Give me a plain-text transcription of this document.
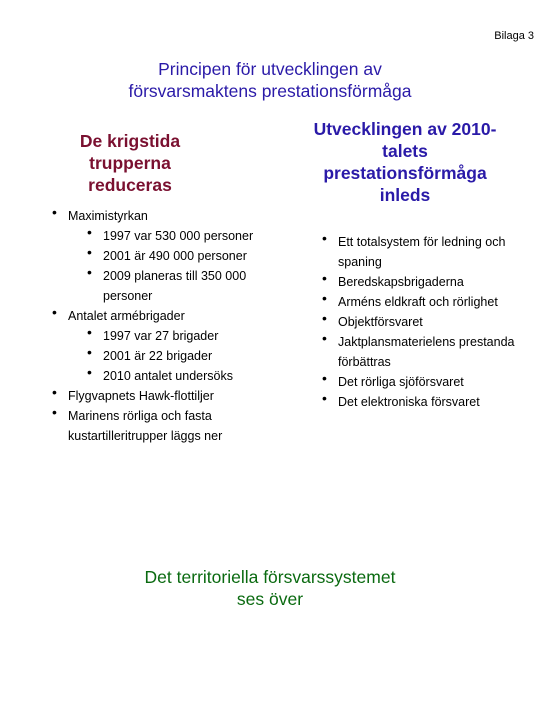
Bilaga 3
Principen för utvecklingen av
försvarsmaktens prestationsförmåga
De krigstida
trupperna
reduceras
Utvecklingen av 2010-
talets
prestationsförmåga
inleds
• Maximistyrkan
• 1997 var 530 000 personer
• 2001 är 490 000 personer
• 2009 planeras till 350 000 personer
• Antalet armébrigader
• 1997 var 27 brigader
• 2001 är 22 brigader
• 2010 antalet undersöks
• Flygvapnets Hawk-flottiljer
• Marinens rörliga och fasta kustartilleritrupper läggs ner
• Ett totalsystem för ledning och spaning
• Beredskapsbrigaderna
• Arméns eldkraft och rörlighet
• Objektförsvaret
• Jaktplansmaterielens prestanda förbättras
• Det rörliga sjöförsvaret
• Det elektroniska försvaret
Det territoriella försvarssystemet
ses över
